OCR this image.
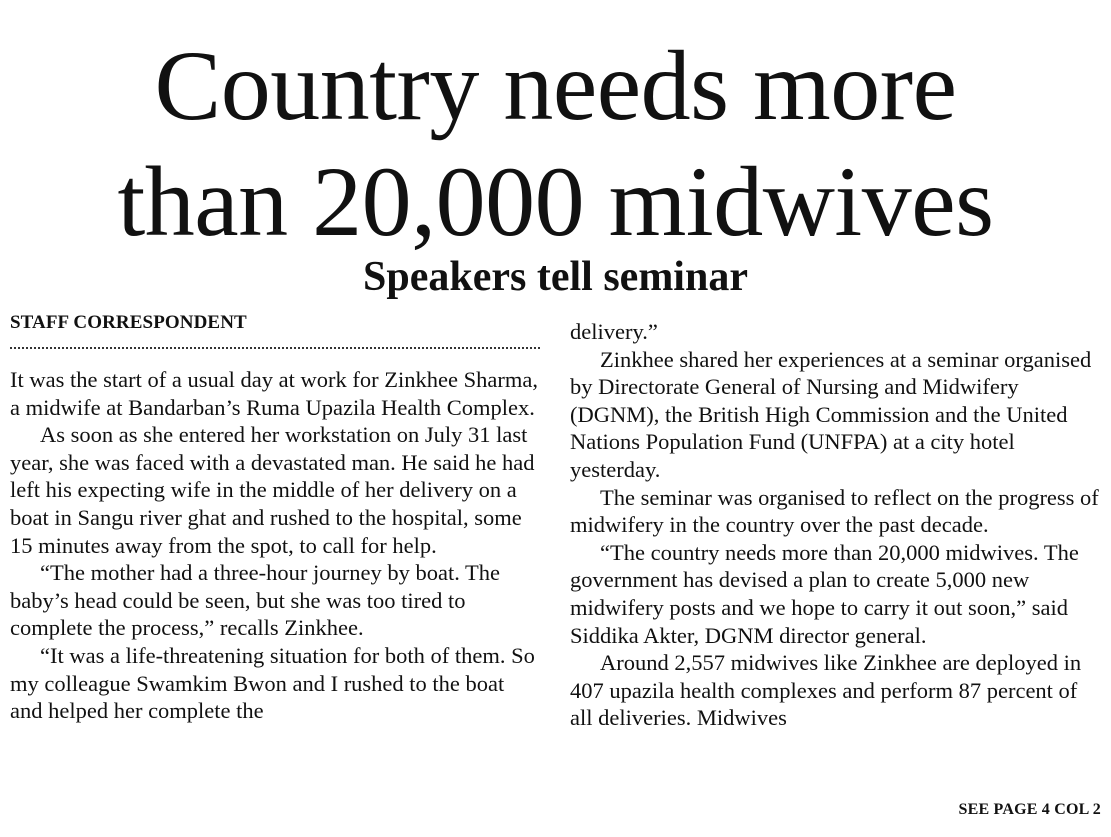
Country needs more
than 20,000 midwives
Speakers tell seminar
STAFF CORRESPONDENT

It was the start of a usual day at work for Zinkhee Sharma, a midwife at Bandarban’s Ruma Upazila Health Complex.

As soon as she entered her workstation on July 31 last year, she was faced with a devastated man. He said he had left his expecting wife in the middle of her delivery on a boat in Sangu river ghat and rushed to the hospital, some 15 minutes away from the spot, to call for help.

“The mother had a three-hour journey by boat. The baby’s head could be seen, but she was too tired to complete the process,” recalls Zinkhee.

“It was a life-threatening situation for both of them. So my colleague Swamkim Bwon and I rushed to the boat and helped her complete the

delivery.”

Zinkhee shared her experiences at a seminar organised by Directorate General of Nursing and Midwifery (DGNM), the British High Commission and the United Nations Population Fund (UNFPA) at a city hotel yesterday.

The seminar was organised to reflect on the progress of midwifery in the country over the past decade.

“The country needs more than 20,000 midwives. The government has devised a plan to create 5,000 new midwifery posts and we hope to carry it out soon,” said Siddika Akter, DGNM director general.

Around 2,557 midwives like Zinkhee are deployed in 407 upazila health complexes and perform 87 percent of all deliveries. Midwives

SEE PAGE 4 COL 2
